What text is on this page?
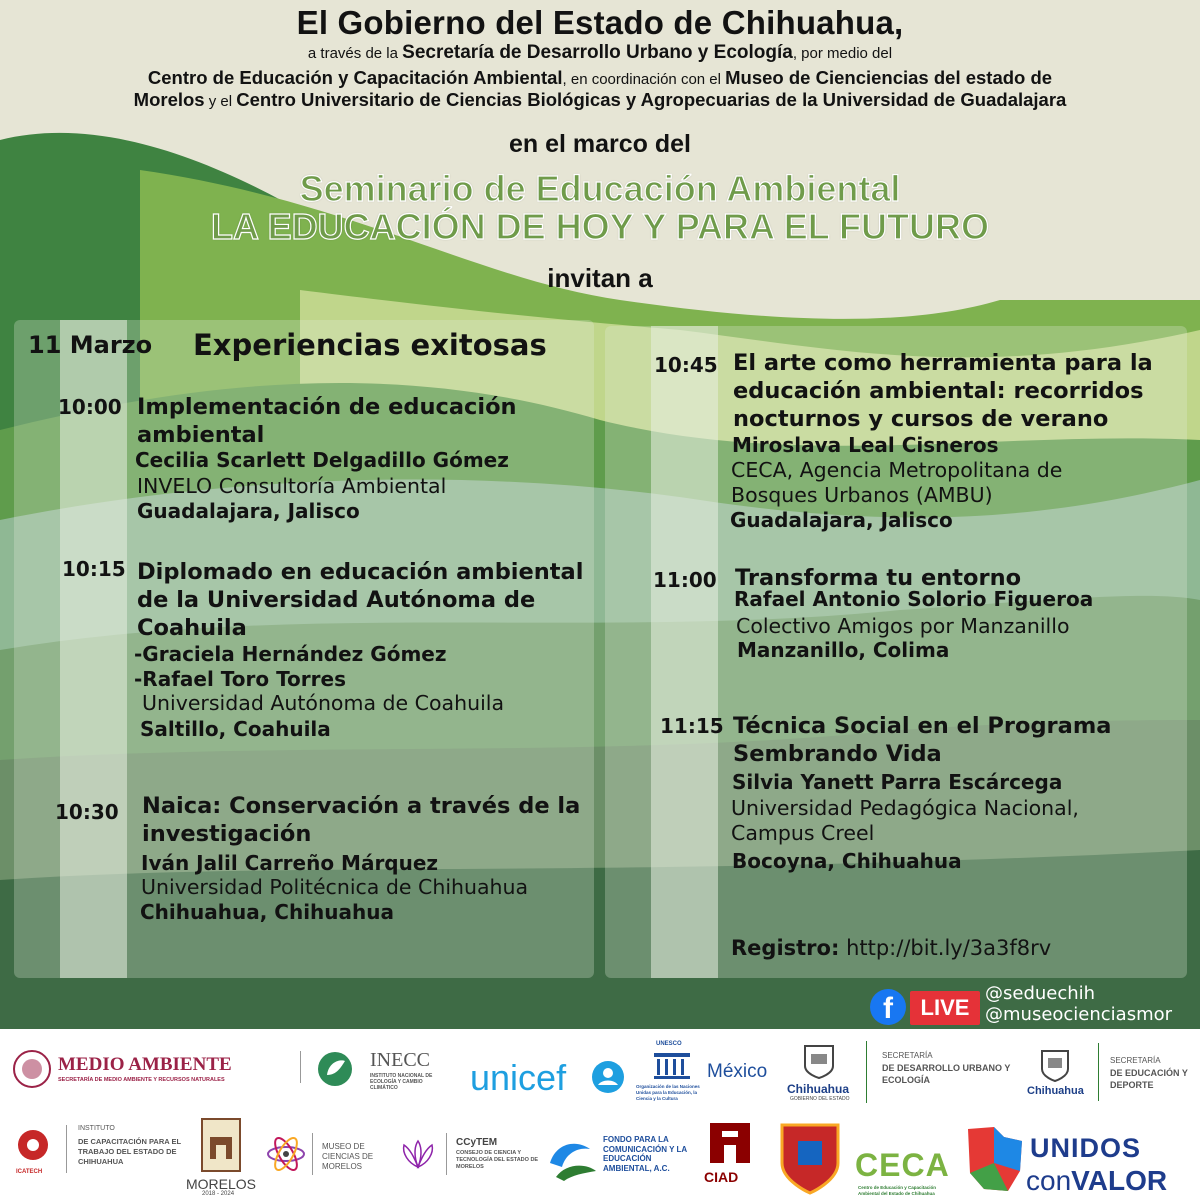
El Gobierno del Estado de Chihuahua,
a través de la Secretaría de Desarrollo Urbano y Ecología, por medio del
Centro de Educación y Capacitación Ambiental, en coordinación con el Museo de Cienciencias del estado de
Morelos y el Centro Universitario de Ciencias Biológicas y Agropecuarias de la Universidad de Guadalajara
en el marco del
Seminario de Educación Ambiental
LA EDUCACIÓN DE HOY Y PARA EL FUTURO
invitan a
11 Marzo Experiencias exitosas
10:00 Implementación de educación ambiental
Cecilia Scarlett Delgadillo Gómez
INVELO Consultoría Ambiental
Guadalajara, Jalisco
10:15 Diplomado en educación ambiental de la Universidad Autónoma de Coahuila
-Graciela Hernández Gómez
-Rafael Toro Torres
Universidad Autónoma de Coahuila
Saltillo, Coahuila
10:30 Naica: Conservación a través de la investigación
Iván Jalil Carreño Márquez
Universidad Politécnica de Chihuahua
Chihuahua, Chihuahua
10:45 El arte como herramienta para la educación ambiental: recorridos nocturnos y cursos de verano
Miroslava Leal Cisneros
CECA, Agencia Metropolitana de Bosques Urbanos (AMBU)
Guadalajara, Jalisco
11:00 Transforma tu entorno
Rafael Antonio Solorio Figueroa
Colectivo Amigos por Manzanillo
Manzanillo, Colima
11:15 Técnica Social en el Programa Sembrando Vida
Silvia Yanett Parra Escárcega
Universidad Pedagógica Nacional, Campus Creel
Bocoyna, Chihuahua
Registro: http://bit.ly/3a3f8rv
f	LIVE
@seduechih
@museocienciasmor
MEDIO AMBIENTE
SECRETARÍA DE MEDIO AMBIENTE Y RECURSOS NATURALES
INECC
INSTITUTO NACIONAL DE ECOLOGÍA Y CAMBIO CLIMÁTICO	unicef
UNESCO
Organización de las Naciones Unidas para la Educación, la Ciencia y la Cultura
México
Chihuahua
GOBIERNO DEL ESTADO
SECRETARÍA
DE DESARROLLO URBANO Y ECOLOGÍA
Chihuahua
SECRETARÍA
DE EDUCACIÓN Y DEPORTE
ICATECH
INSTITUTO
DE CAPACITACIÓN PARA EL TRABAJO DEL ESTADO DE CHIHUAHUA
MORELOS
2018 - 2024
MUSEO DE CIENCIAS DE MORELOS
CCyTEM
CONSEJO DE CIENCIA Y TECNOLOGÍA DEL ESTADO DE MORELOS
FONDO PARA LA COMUNICACIÓN Y LA EDUCACIÓN AMBIENTAL, A.C.
CIAD	CECA
Centro de Educación y Capacitación Ambiental del Estado de Chihuahua
UNIDOS
conVALOR
